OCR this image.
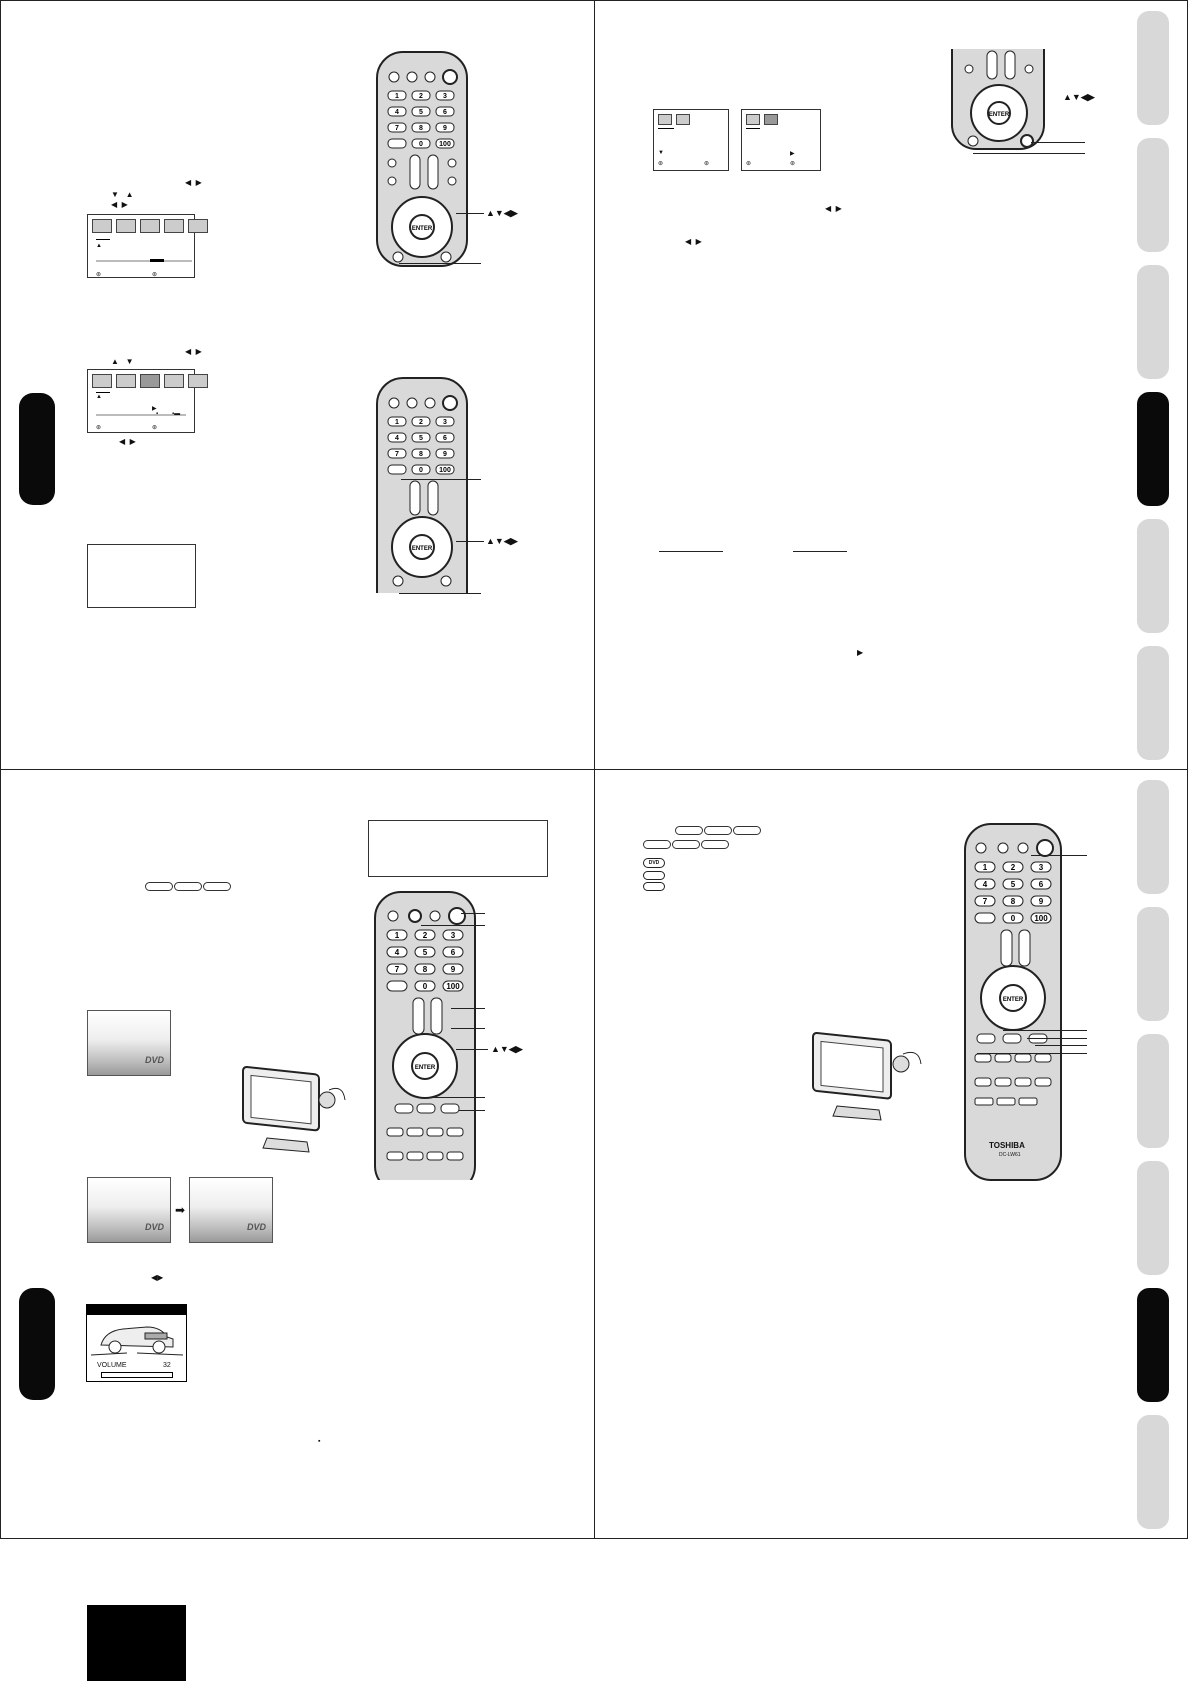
◀  ▶
▼   ▲
◀  ▶
▲
⊛	⊛
◀  ▶
▲   ▼
▲
▶
▪ ▪▬
⊛	⊛
◀  ▶
1	2	3
4	5	6
7	8	9
0 100
ENTER
▲▼◀▶
1	2	3
4	5	6
7	8	9
0 100
ENTER
▲▼◀▶
▼
⊛	⊛
▶
⊛	⊛
◀  ▶
◀  ▶
▶
ENTER
▲▼◀▶
DVD
DVD
➡
DVD
◀▶
1	2	3
4	5	6
7	8	9
0 100
ENTER
▲▼◀▶
DVD	1	2	3
4	5	6
7	8	9
0 100
ENTER
TOSHIBA
DC-LW61
VOLUME	32
▪
